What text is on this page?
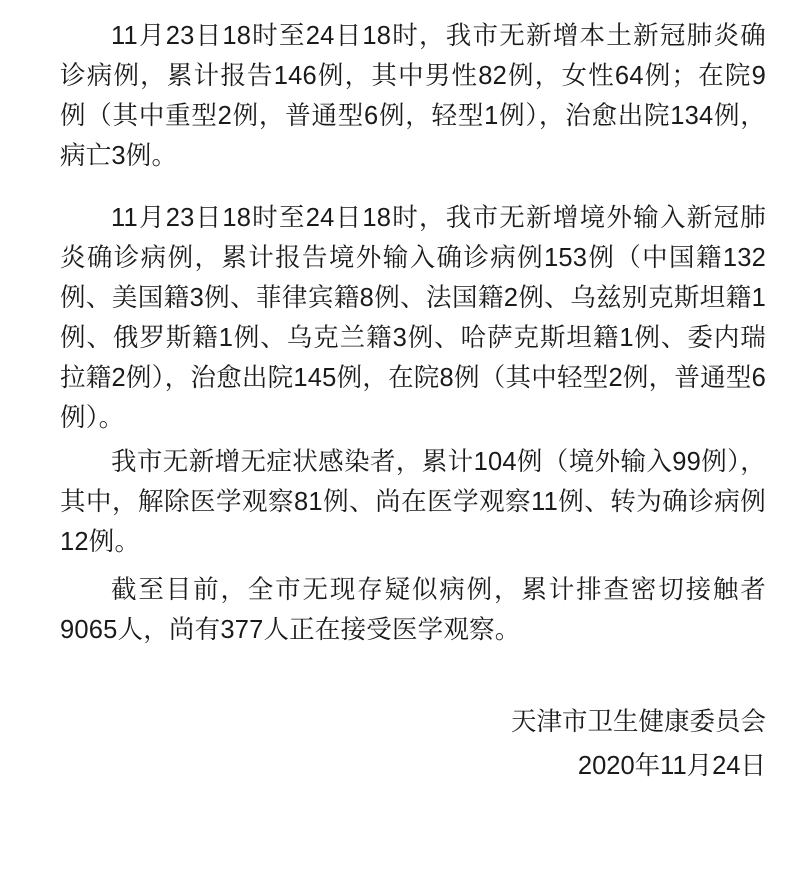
11月23日18时至24日18时，我市无新增本土新冠肺炎确诊病例，累计报告146例，其中男性82例，女性64例；在院9例（其中重型2例，普通型6例，轻型1例），治愈出院134例，病亡3例。

11月23日18时至24日18时，我市无新增境外输入新冠肺炎确诊病例，累计报告境外输入确诊病例153例（中国籍132例、美国籍3例、菲律宾籍8例、法国籍2例、乌兹别克斯坦籍1例、俄罗斯籍1例、乌克兰籍3例、哈萨克斯坦籍1例、委内瑞拉籍2例），治愈出院145例，在院8例（其中轻型2例，普通型6例）。

我市无新增无症状感染者，累计104例（境外输入99例），其中，解除医学观察81例、尚在医学观察11例、转为确诊病例12例。

截至目前，全市无现存疑似病例，累计排查密切接触者9065人，尚有377人正在接受医学观察。

天津市卫生健康委员会
2020年11月24日
